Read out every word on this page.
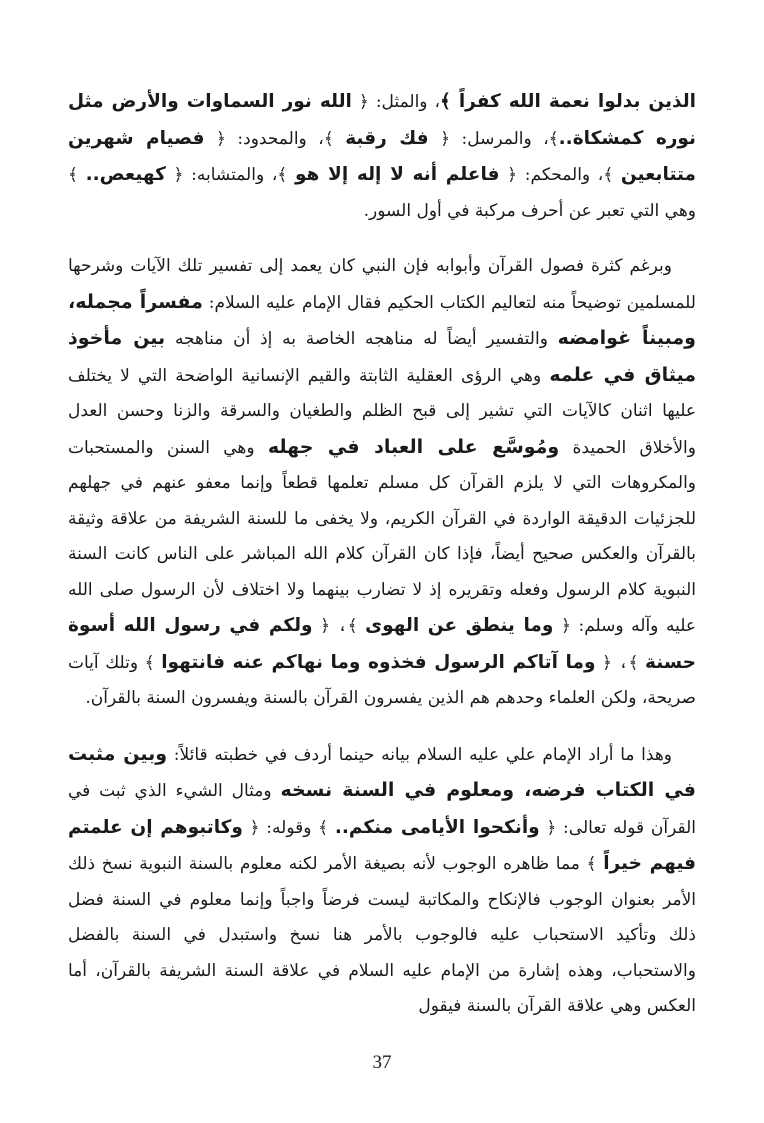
الذين بدلوا نعمة الله كفراً ﴾، والمثل: ﴿ الله نور السماوات والأرض مثل نوره كمشكاة..﴾، والمرسل: ﴿ فك رقبة ﴾، والمحدود: ﴿ فصيام شهرين متتابعين ﴾، والمحكم: ﴿ فاعلم أنه لا إله إلا هو ﴾، والمتشابه: ﴿ كهيعص.. ﴾ وهي التي تعبر عن أحرف مركبة في أول السور.

وبرغم كثرة فصول القرآن وأبوابه فإن النبي كان يعمد إلى تفسير تلك الآيات وشرحها للمسلمين توضيحاً منه لتعاليم الكتاب الحكيم فقال الإمام عليه السلام: مفسراً مجمله، ومبيناً غوامضه والتفسير أيضاً له مناهجه الخاصة به إذ أن مناهجه بين مأخوذ ميثاق في علمه وهي الرؤى العقلية الثابتة والقيم الإنسانية الواضحة التي لا يختلف عليها اثنان كالآيات التي تشير إلى قبح الظلم والطغيان والسرقة والزنا وحسن العدل والأخلاق الحميدة ومُوسَّع على العباد في جهله وهي السنن والمستحبات والمكروهات التي لا يلزم القرآن كل مسلم تعلمها قطعاً وإنما معفو عنهم في جهلهم للجزئيات الدقيقة الواردة في القرآن الكريم، ولا يخفى ما للسنة الشريفة من علاقة وثيقة بالقرآن والعكس صحيح أيضاً، فإذا كان القرآن كلام الله المباشر على الناس كانت السنة النبوية كلام الرسول وفعله وتقريره إذ لا تضارب بينهما ولا اختلاف لأن الرسول صلى الله عليه وآله وسلم: ﴿ وما ينطق عن الهوى ﴾، ﴿ ولكم في رسول الله أسوة حسنة ﴾، ﴿ وما آتاكم الرسول فخذوه وما نهاكم عنه فانتهوا ﴾ وتلك آيات صريحة، ولكن العلماء وحدهم هم الذين يفسرون القرآن بالسنة ويفسرون السنة بالقرآن.

وهذا ما أراد الإمام علي عليه السلام بيانه حينما أردف في خطبته قائلاً: وبين مثبت في الكتاب فرضه، ومعلوم في السنة نسخه ومثال الشيء الذي ثبت في القرآن قوله تعالى: ﴿ وأنكحوا الأيامى منكم.. ﴾ وقوله: ﴿ وكاتبوهم إن علمتم فيهم خيراً ﴾ مما ظاهره الوجوب لأنه بصيغة الأمر لكنه معلوم بالسنة النبوية نسخ ذلك الأمر بعنوان الوجوب فالإنكاح والمكاتبة ليست فرضاً واجباً وإنما معلوم في السنة فضل ذلك وتأكيد الاستحباب عليه فالوجوب بالأمر هنا نسخ واستبدل في السنة بالفضل والاستحباب، وهذه إشارة من الإمام عليه السلام في علاقة السنة الشريفة بالقرآن، أما العكس وهي علاقة القرآن بالسنة فيقول

37
